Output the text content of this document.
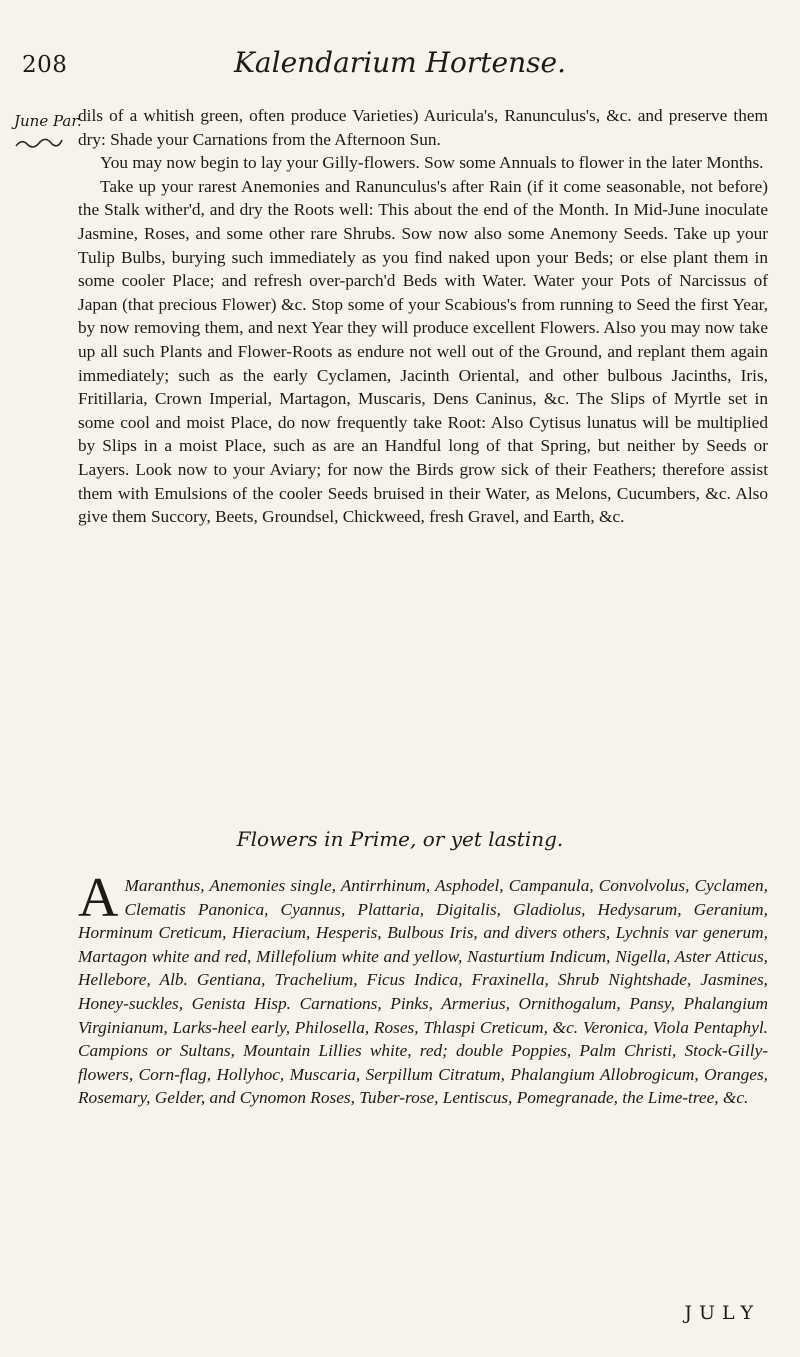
208	Kalendarium Hortense.
June Par.

dils of a whitish green, often produce Varieties) Auricula's, Ranunculus's, &c. and preserve them dry: Shade your Carnations from the Afternoon Sun.

You may now begin to lay your Gilly-flowers. Sow some Annuals to flower in the later Months.

Take up your rarest Anemonies and Ranunculus's after Rain (if it come seasonable, not before) the Stalk wither'd, and dry the Roots well: This about the end of the Month. In Mid-June inoculate Jasmine, Roses, and some other rare Shrubs. Sow now also some Anemony Seeds. Take up your Tulip Bulbs, burying such immediately as you find naked upon your Beds; or else plant them in some cooler Place; and refresh over-parch'd Beds with Water. Water your Pots of Narcissus of Japan (that precious Flower) &c. Stop some of your Scabious's from running to Seed the first Year, by now removing them, and next Year they will produce excellent Flowers. Also you may now take up all such Plants and Flower-Roots as endure not well out of the Ground, and replant them again immediately; such as the early Cyclamen, Jacinth Oriental, and other bulbous Jacinths, Iris, Fritillaria, Crown Imperial, Martagon, Muscaris, Dens Caninus, &c. The Slips of Myrtle set in some cool and moist Place, do now frequently take Root: Also Cytisus lunatus will be multiplied by Slips in a moist Place, such as are an Handful long of that Spring, but neither by Seeds or Layers. Look now to your Aviary; for now the Birds grow sick of their Feathers; therefore assist them with Emulsions of the cooler Seeds bruised in their Water, as Melons, Cucumbers, &c. Also give them Succory, Beets, Groundsel, Chickweed, fresh Gravel, and Earth, &c.

Flowers in Prime, or yet lasting.
A Maranthus, Anemonies single, Antirrhinum, Asphodel, Campanula, Convolvolus, Cyclamen, Clematis Panonica, Cyannus, Plattaria, Digitalis, Gladiolus, Hedysarum, Geranium, Horminum Creticum, Hieracium, Hesperis, Bulbous Iris, and divers others, Lychnis var generum, Martagon white and red, Millefolium white and yellow, Nasturtium Indicum, Nigella, Aster Atticus, Hellebore, Alb. Gentiana, Trachelium, Ficus Indica, Fraxinella, Shrub Nightshade, Jasmines, Honey-suckles, Genista Hisp. Carnations, Pinks, Armerius, Ornithogalum, Pansy, Phalangium Virginianum, Larks-heel early, Philosella, Roses, Thlaspi Creticum, &c. Veronica, Viola Pentaphyl. Campions or Sultans, Mountain Lillies white, red; double Poppies, Palm Christi, Stock-Gilly-flowers, Corn-flag, Hollyhoc, Muscaria, Serpillum Citratum, Phalangium Allobrogicum, Oranges, Rosemary, Gelder, and Cynomon Roses, Tuber-rose, Lentiscus, Pomegranade, the Lime-tree, &c.
JULY
